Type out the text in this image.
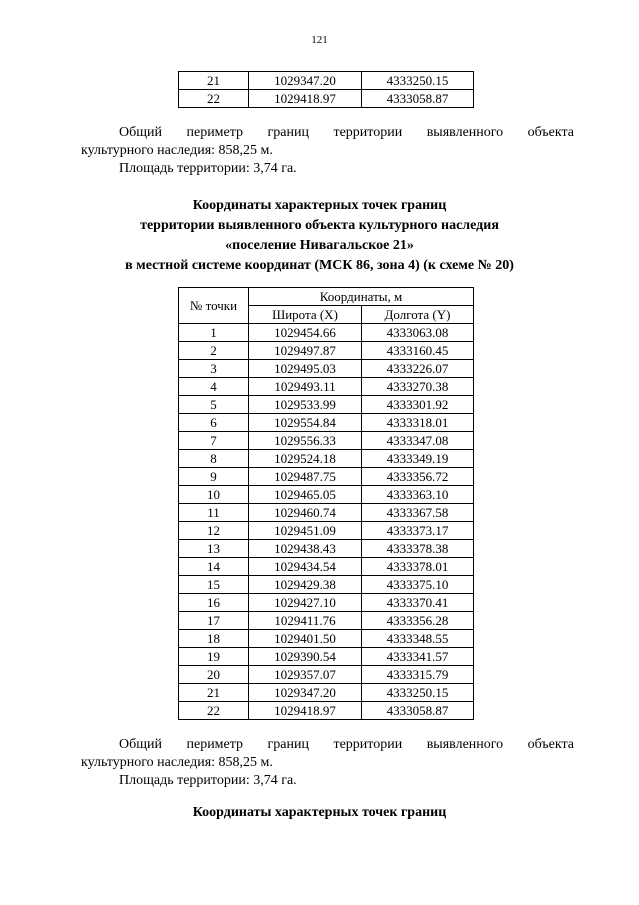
121
21	1029347.20	4333250.15
22	1029418.97	4333058.87
Общий периметр границ территории выявленного объекта
культурного наследия: 858,25 м.
Площадь территории: 3,74 га.
Координаты характерных точек границ
территории выявленного объекта культурного наследия
«поселение Нивагальское 21»
в местной системе координат (МСК 86, зона 4) (к схеме № 20)
№ точки	Координаты, м	
	Широта (X)	Долгота (Y)
1	1029454.66	4333063.08
2	1029497.87	4333160.45
3	1029495.03	4333226.07
4	1029493.11	4333270.38
5	1029533.99	4333301.92
6	1029554.84	4333318.01
7	1029556.33	4333347.08
8	1029524.18	4333349.19
9	1029487.75	4333356.72
10	1029465.05	4333363.10
11	1029460.74	4333367.58
12	1029451.09	4333373.17
13	1029438.43	4333378.38
14	1029434.54	4333378.01
15	1029429.38	4333375.10
16	1029427.10	4333370.41
17	1029411.76	4333356.28
18	1029401.50	4333348.55
19	1029390.54	4333341.57
20	1029357.07	4333315.79
21	1029347.20	4333250.15
22	1029418.97	4333058.87
Общий периметр границ территории выявленного объекта
культурного наследия: 858,25 м.
Площадь территории: 3,74 га.
Координаты характерных точек границ
